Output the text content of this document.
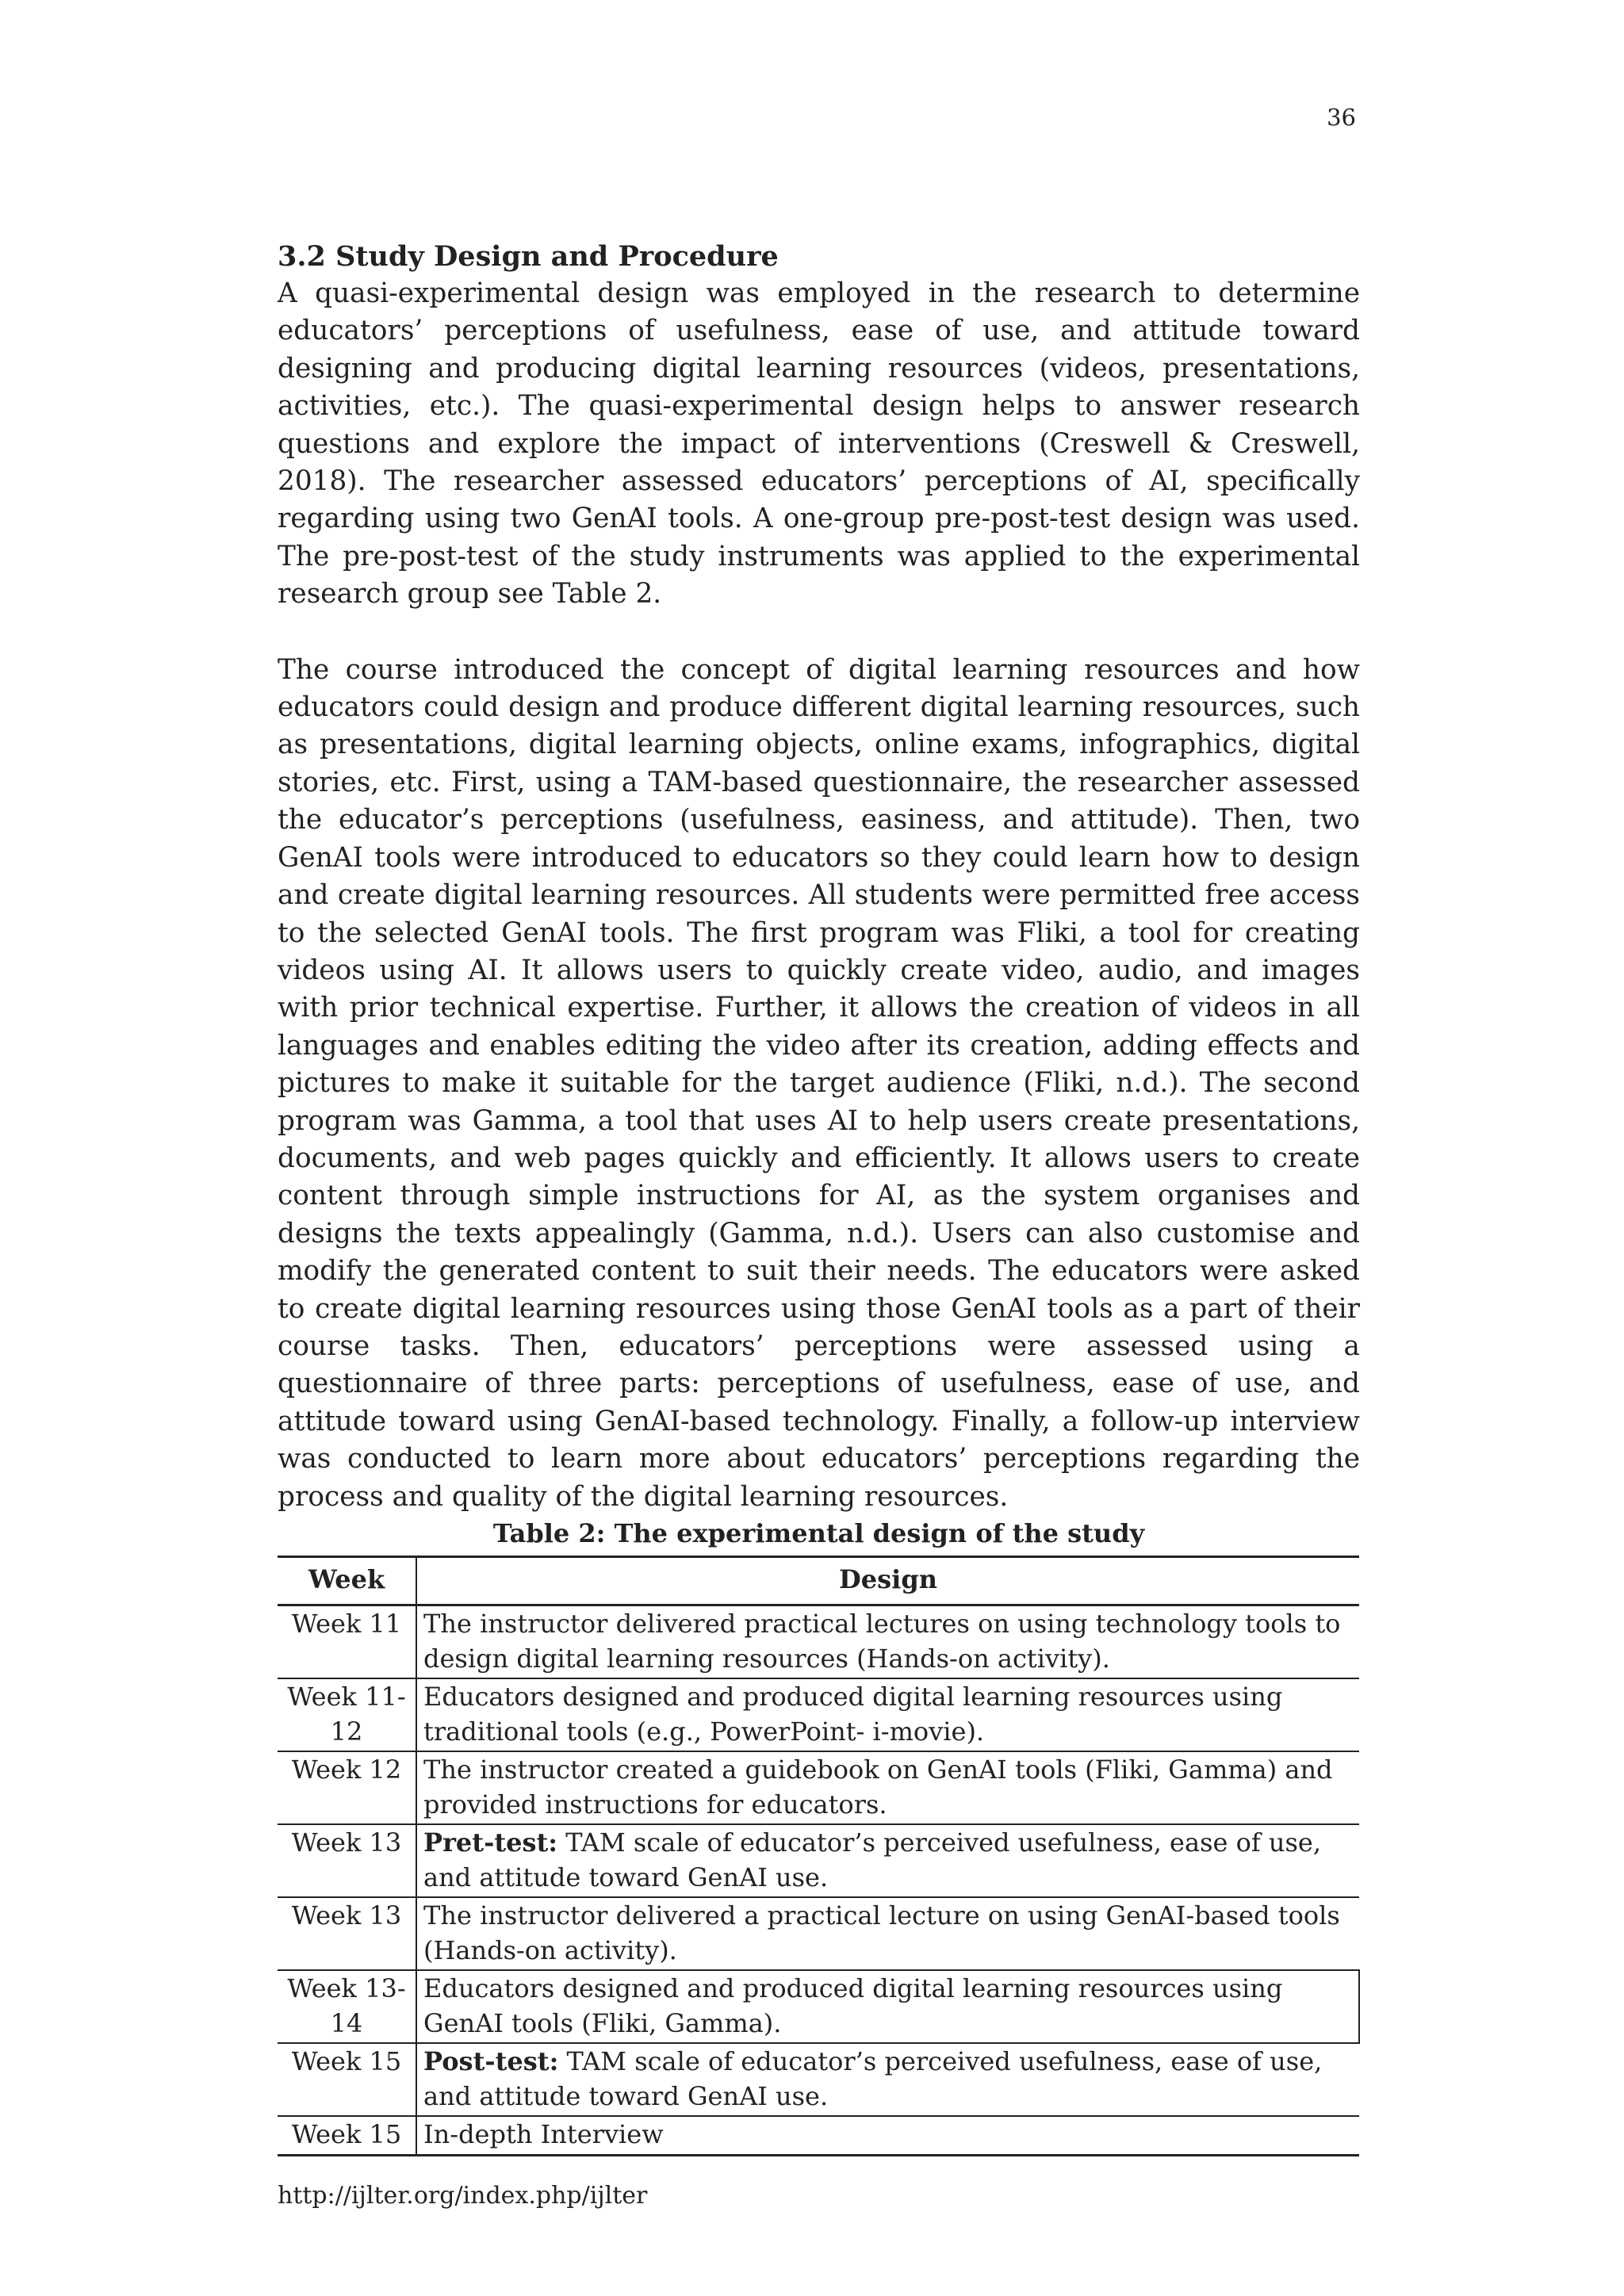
36
3.2 Study Design and Procedure

A quasi-experimental design was employed in the research to determine educators’ perceptions of usefulness, ease of use, and attitude toward designing and producing digital learning resources (videos, presentations, activities, etc.). The quasi-experimental design helps to answer research questions and explore the impact of interventions (Creswell & Creswell, 2018). The researcher assessed educators’ perceptions of AI, specifically regarding using two GenAI tools. A one-group pre-post-test design was used. The pre-post-test of the study instruments was applied to the experimental research group see Table 2.

The course introduced the concept of digital learning resources and how educators could design and produce different digital learning resources, such as presentations, digital learning objects, online exams, infographics, digital stories, etc. First, using a TAM-based questionnaire, the researcher assessed the educator’s perceptions (usefulness, easiness, and attitude). Then, two GenAI tools were introduced to educators so they could learn how to design and create digital learning resources. All students were permitted free access to the selected GenAI tools. The first program was Fliki, a tool for creating videos using AI. It allows users to quickly create video, audio, and images with prior technical expertise. Further, it allows the creation of videos in all languages and enables editing the video after its creation, adding effects and pictures to make it suitable for the target audience (Fliki, n.d.). The second program was Gamma, a tool that uses AI to help users create presentations, documents, and web pages quickly and efficiently. It allows users to create content through simple instructions for AI, as the system organises and designs the texts appealingly (Gamma, n.d.). Users can also customise and modify the generated content to suit their needs. The educators were asked to create digital learning resources using those GenAI tools as a part of their course tasks. Then, educators’ perceptions were assessed using a questionnaire of three parts: perceptions of usefulness, ease of use, and attitude toward using GenAI-based technology. Finally, a follow-up interview was conducted to learn more about educators’ perceptions regarding the process and quality of the digital learning resources.

Table 2: The experimental design of the study
Week	Design
Week 11	The instructor delivered practical lectures on using technology tools to design digital learning resources (Hands-on activity).
Week 11-12	Educators designed and produced digital learning resources using traditional tools (e.g., PowerPoint- i-movie).
Week 12	The instructor created a guidebook on GenAI tools (Fliki, Gamma) and provided instructions for educators.
Week 13	Pret-test: TAM scale of educator’s perceived usefulness, ease of use, and attitude toward GenAI use.
Week 13	The instructor delivered a practical lecture on using GenAI-based tools (Hands-on activity).
Week 13-14	Educators designed and produced digital learning resources using GenAI tools (Fliki, Gamma).
Week 15	Post-test: TAM scale of educator’s perceived usefulness, ease of use, and attitude toward GenAI use.
Week 15	In-depth Interview
http://ijlter.org/index.php/ijlter
